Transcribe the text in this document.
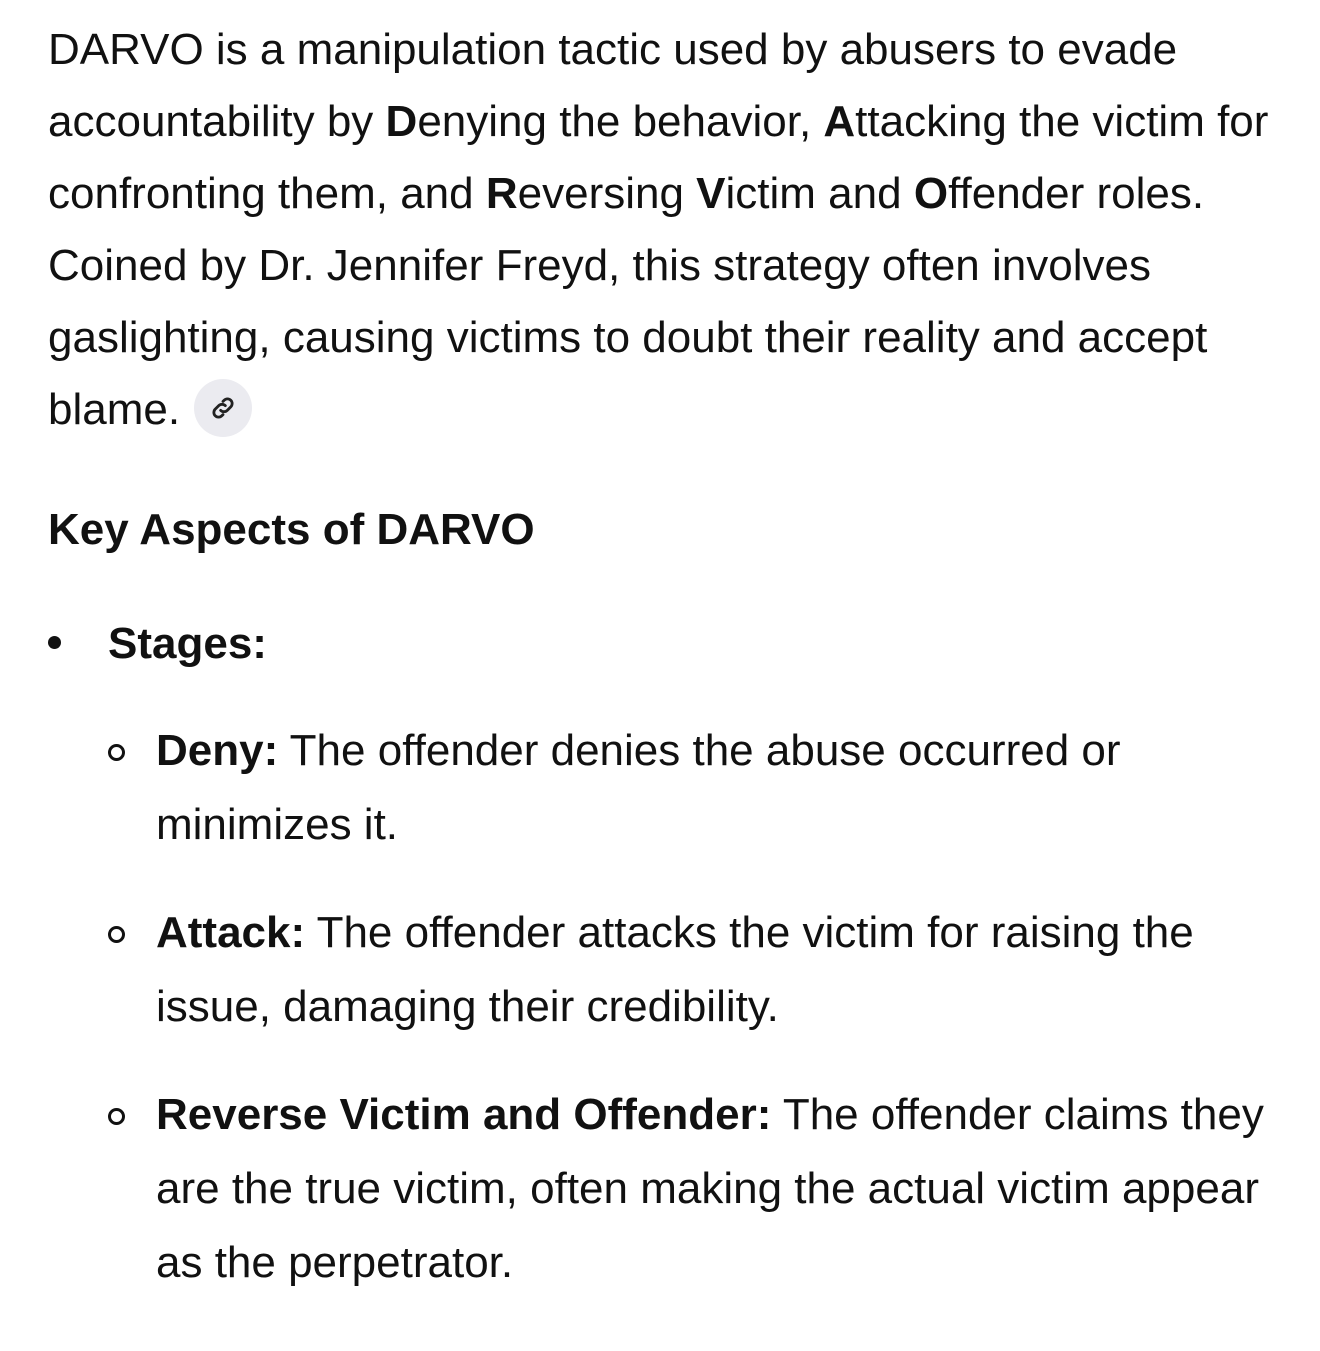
DARVO is a manipulation tactic used by abusers to evade accountability by Denying the behavior, Attacking the victim for confronting them, and Reversing Victim and Offender roles. Coined by Dr. Jennifer Freyd, this strategy often involves gaslighting, causing victims to doubt their reality and accept blame.

Key Aspects of DARVO
Stages:
Deny: The offender denies the abuse occurred or minimizes it.
Attack: The offender attacks the victim for raising the issue, damaging their credibility.
Reverse Victim and Offender: The offender claims they are the true victim, often making the actual victim appear as the perpetrator.
